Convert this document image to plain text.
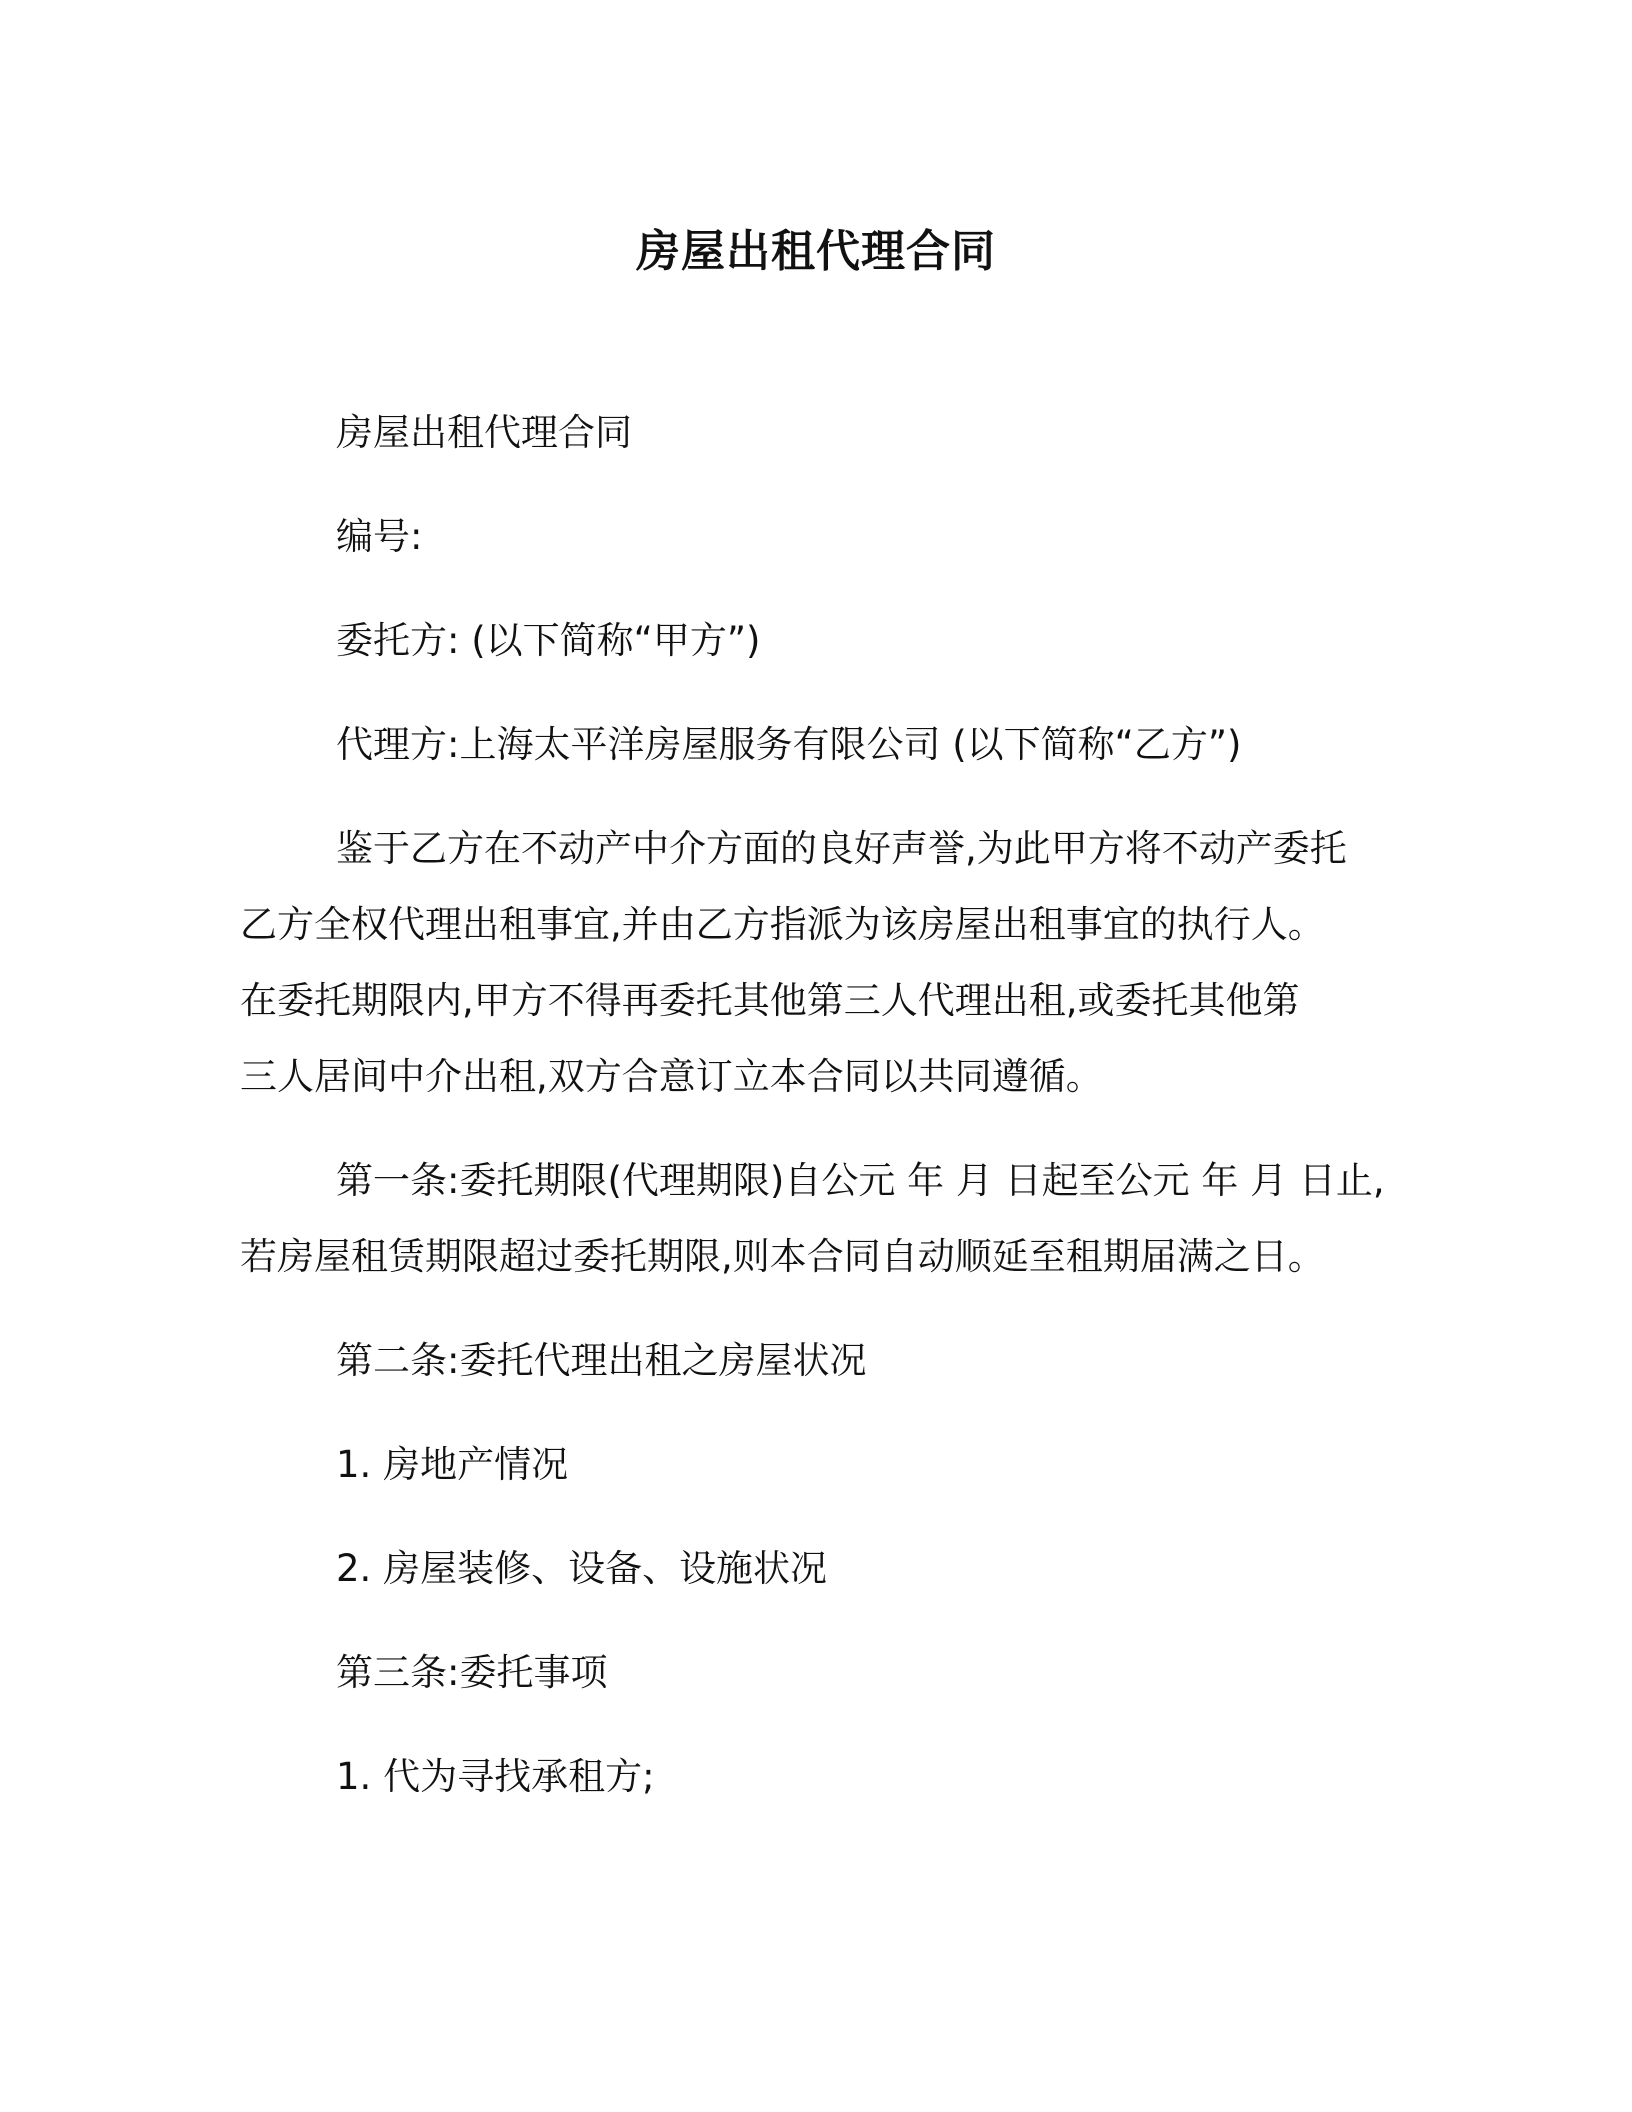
房屋出租代理合同

房屋出租代理合同

编号:

委托方: (以下简称“甲方”)

代理方:上海太平洋房屋服务有限公司 (以下简称“乙方”)

鉴于乙方在不动产中介方面的良好声誉,为此甲方将不动产委托
乙方全权代理出租事宜,并由乙方指派为该房屋出租事宜的执行人。
在委托期限内,甲方不得再委托其他第三人代理出租,或委托其他第
三人居间中介出租,双方合意订立本合同以共同遵循。

第一条:委托期限(代理期限)自公元 年 月 日起至公元 年 月 日止,
若房屋租赁期限超过委托期限,则本合同自动顺延至租期届满之日。

第二条:委托代理出租之房屋状况

1. 房地产情况

2. 房屋装修、设备、设施状况

第三条:委托事项

1. 代为寻找承租方;
